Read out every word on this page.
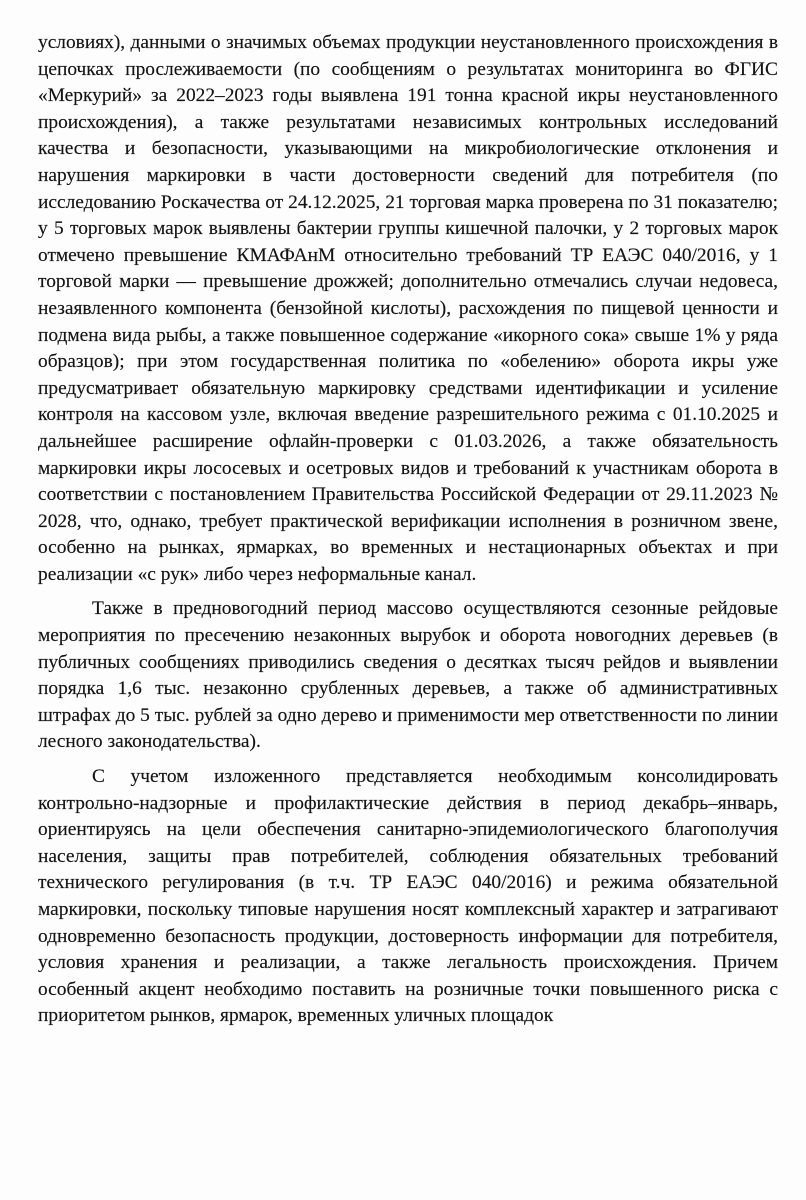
условиях), данными о значимых объемах продукции неустановленного происхождения в цепочках прослеживаемости (по сообщениям о результатах мониторинга во ФГИС «Меркурий» за 2022–2023 годы выявлена 191 тонна красной икры неустановленного происхождения), а также результатами независимых контрольных исследований качества и безопасности, указывающими на микробиологические отклонения и нарушения маркировки в части достоверности сведений для потребителя (по исследованию Роскачества от 24.12.2025, 21 торговая марка проверена по 31 показателю; у 5 торговых марок выявлены бактерии группы кишечной палочки, у 2 торговых марок отмечено превышение КМАФАнМ относительно требований ТР ЕАЭС 040/2016, у 1 торговой марки — превышение дрожжей; дополнительно отмечались случаи недовеса, незаявленного компонента (бензойной кислоты), расхождения по пищевой ценности и подмена вида рыбы, а также повышенное содержание «икорного сока» свыше 1% у ряда образцов); при этом государственная политика по «обелению» оборота икры уже предусматривает обязательную маркировку средствами идентификации и усиление контроля на кассовом узле, включая введение разрешительного режима с 01.10.2025 и дальнейшее расширение офлайн-проверки с 01.03.2026, а также обязательность маркировки икры лососевых и осетровых видов и требований к участникам оборота в соответствии с постановлением Правительства Российской Федерации от 29.11.2023 № 2028, что, однако, требует практической верификации исполнения в розничном звене, особенно на рынках, ярмарках, во временных и нестационарных объектах и при реализации «с рук» либо через неформальные канал.

Также в предновогодний период массово осуществляются сезонные рейдовые мероприятия по пресечению незаконных вырубок и оборота новогодних деревьев (в публичных сообщениях приводились сведения о десятках тысяч рейдов и выявлении порядка 1,6 тыс. незаконно срубленных деревьев, а также об административных штрафах до 5 тыс. рублей за одно дерево и применимости мер ответственности по линии лесного законодательства).

С учетом изложенного представляется необходимым консолидировать контрольно-надзорные и профилактические действия в период декабрь–январь, ориентируясь на цели обеспечения санитарно-эпидемиологического благополучия населения, защиты прав потребителей, соблюдения обязательных требований технического регулирования (в т.ч. ТР ЕАЭС 040/2016) и режима обязательной маркировки, поскольку типовые нарушения носят комплексный характер и затрагивают одновременно безопасность продукции, достоверность информации для потребителя, условия хранения и реализации, а также легальность происхождения. Причем особенный акцент необходимо поставить на розничные точки повышенного риска с приоритетом рынков, ярмарок, временных уличных площадок
